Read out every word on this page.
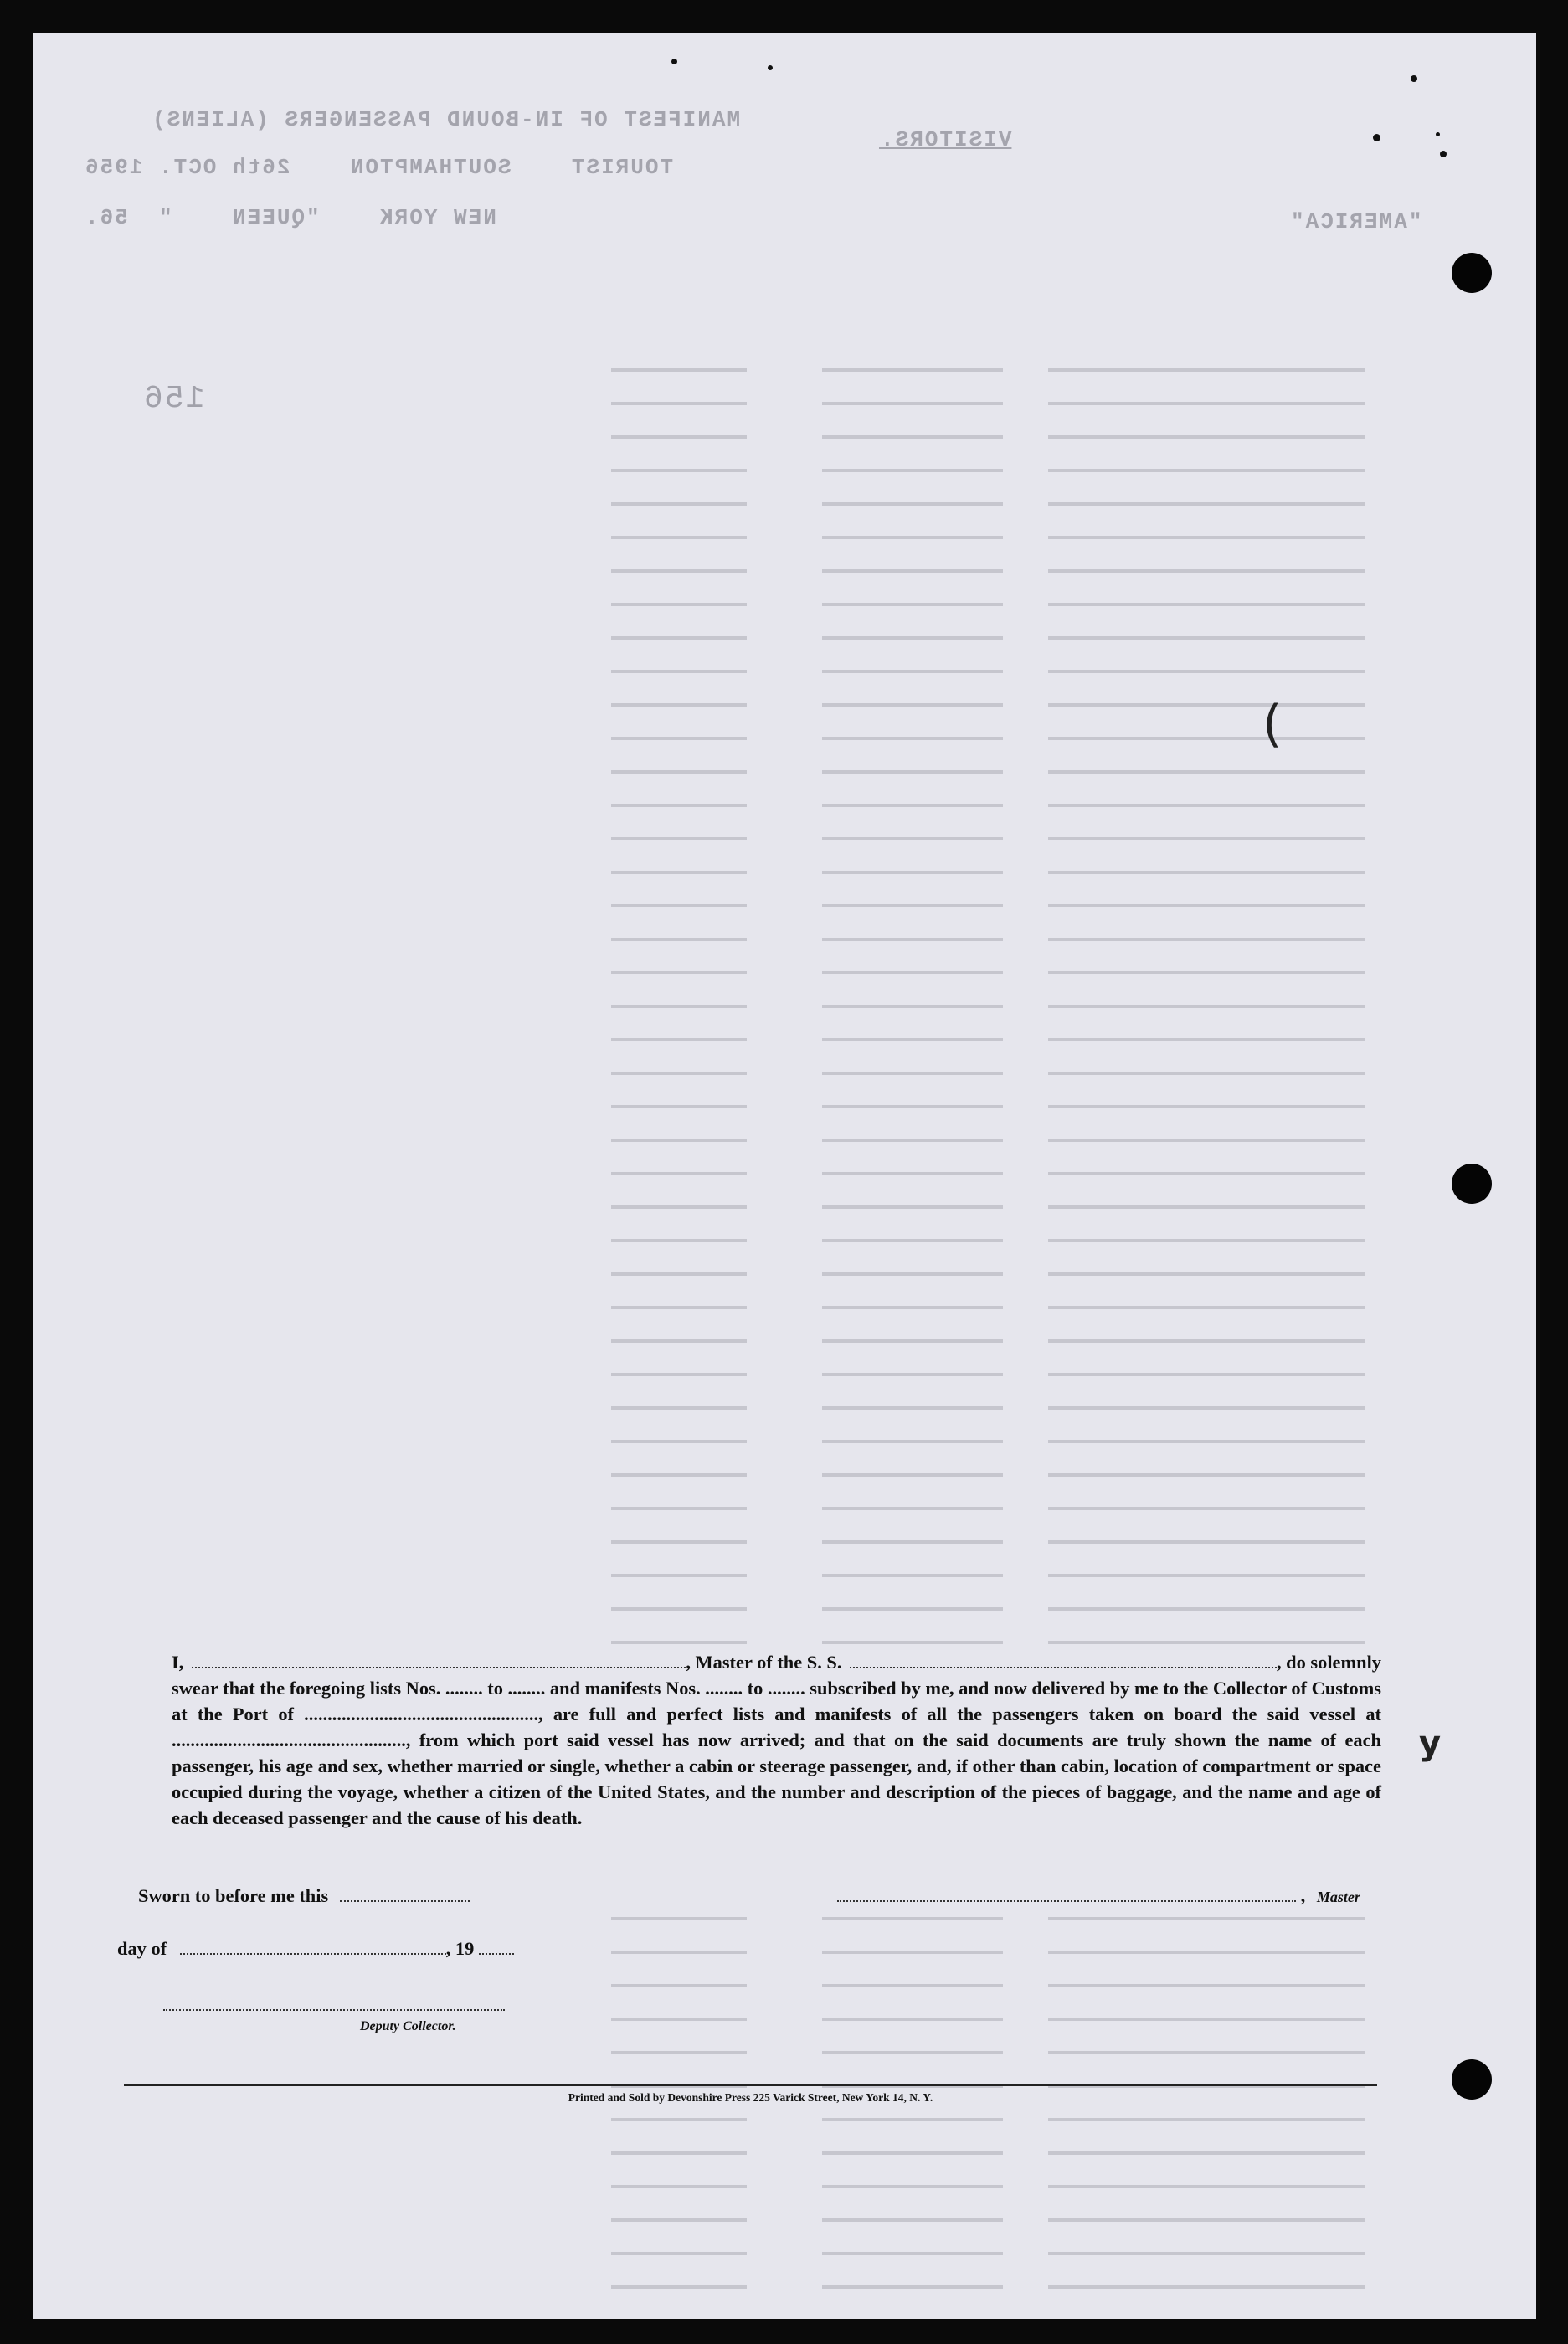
MANIFEST OF IN-BOUND PASSENGERS (ALIENS)
TOURIST    SOUTHAMPTON    26th OCT. 1956
NEW YORK    "QUEEN    "  56.
VISITORS.
"AMERICA"
156
(
y
I,	, Master of the S. S.	, do solemnly
swear that the foregoing lists Nos. ........ to ........ and manifests Nos. ........ to ........ subscribed by me, and now delivered by me to the Collector of Customs at the Port of .................................................., are full and perfect lists and manifests of all the passengers taken on board the said vessel at .................................................., from which port said vessel has now arrived; and that on the said documents are truly shown the name of each passenger, his age and sex, whether married or single, whether a cabin or steerage passenger, and, if other than cabin, location of compartment or space occupied during the voyage, whether a citizen of the United States, and the number and description of the pieces of baggage, and the name and age of each deceased passenger and the cause of his death.
Sworn to before me this	, Master
day of	, 19
Deputy Collector.
Printed and Sold by Devonshire Press 225 Varick Street, New York 14, N. Y.
